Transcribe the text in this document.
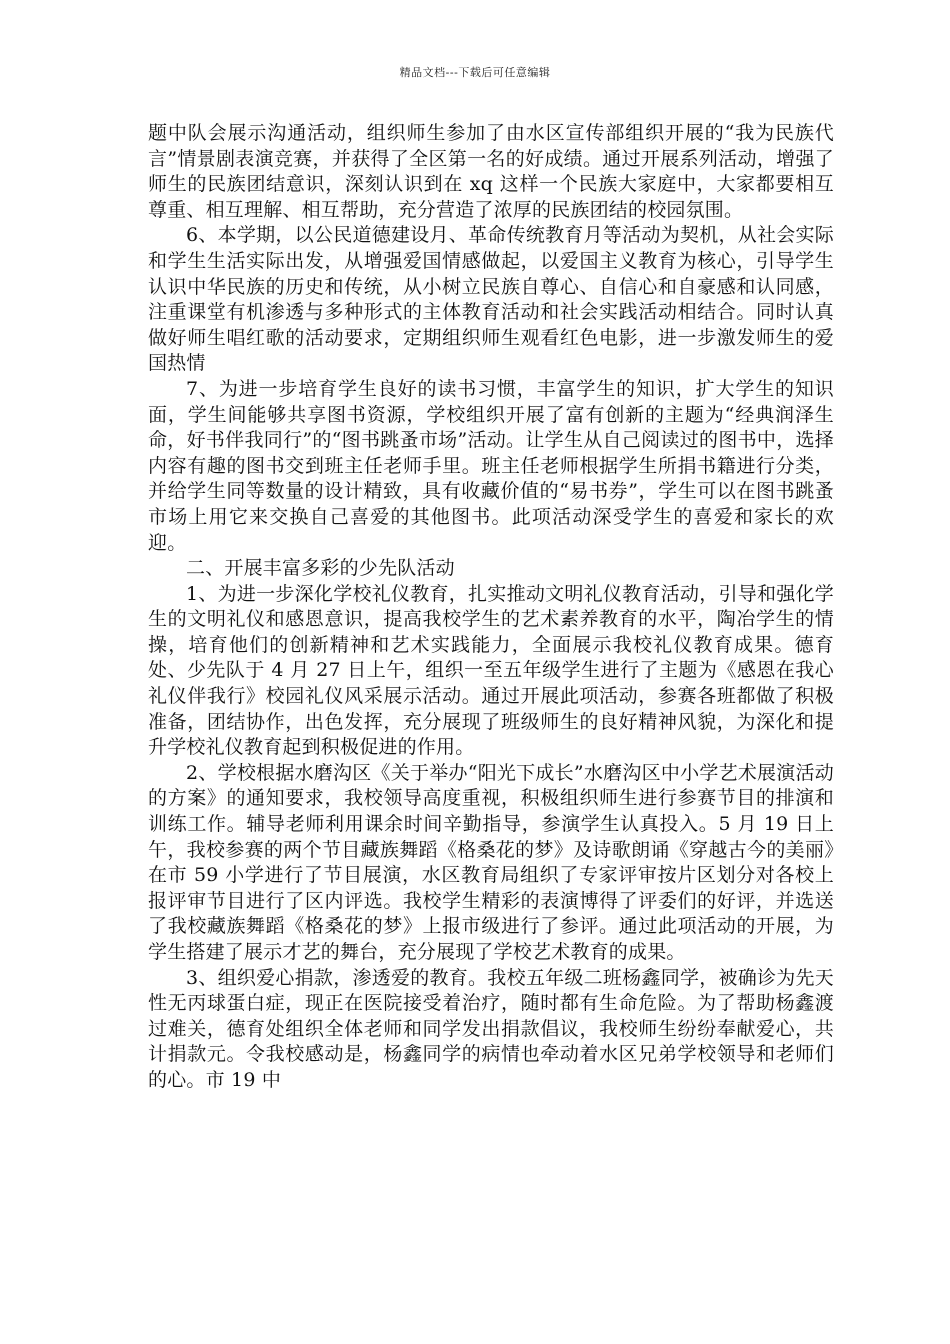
精品文档---下载后可任意编辑

题中队会展示沟通活动，组织师生参加了由水区宣传部组织开展的“我为民族代言”情景剧表演竞赛，并获得了全区第一名的好成绩。通过开展系列活动，增强了师生的民族团结意识，深刻认识到在 xq 这样一个民族大家庭中，大家都要相互尊重、相互理解、相互帮助，充分营造了浓厚的民族团结的校园氛围。

6、本学期，以公民道德建设月、革命传统教育月等活动为契机，从社会实际和学生生活实际出发，从增强爱国情感做起，以爱国主义教育为核心，引导学生认识中华民族的历史和传统，从小树立民族自尊心、自信心和自豪感和认同感，注重课堂有机渗透与多种形式的主体教育活动和社会实践活动相结合。同时认真做好师生唱红歌的活动要求，定期组织师生观看红色电影，进一步激发师生的爱国热情

7、为进一步培育学生良好的读书习惯，丰富学生的知识，扩大学生的知识面，学生间能够共享图书资源，学校组织开展了富有创新的主题为“经典润泽生命，好书伴我同行”的“图书跳蚤市场”活动。让学生从自己阅读过的图书中，选择内容有趣的图书交到班主任老师手里。班主任老师根据学生所捐书籍进行分类，并给学生同等数量的设计精致，具有收藏价值的“易书券”，学生可以在图书跳蚤市场上用它来交换自己喜爱的其他图书。此项活动深受学生的喜爱和家长的欢迎。

二、开展丰富多彩的少先队活动

1、为进一步深化学校礼仪教育，扎实推动文明礼仪教育活动，引导和强化学生的文明礼仪和感恩意识，提高我校学生的艺术素养教育的水平，陶冶学生的情操，培育他们的创新精神和艺术实践能力，全面展示我校礼仪教育成果。德育处、少先队于 4 月 27 日上午，组织一至五年级学生进行了主题为《感恩在我心 礼仪伴我行》校园礼仪风采展示活动。通过开展此项活动，参赛各班都做了积极准备，团结协作，出色发挥，充分展现了班级师生的良好精神风貌，为深化和提升学校礼仪教育起到积极促进的作用。

2、学校根据水磨沟区《关于举办“阳光下成长”水磨沟区中小学艺术展演活动的方案》的通知要求，我校领导高度重视，积极组织师生进行参赛节目的排演和训练工作。辅导老师利用课余时间辛勤指导，参演学生认真投入。5 月 19 日上午，我校参赛的两个节目藏族舞蹈《格桑花的梦》及诗歌朗诵《穿越古今的美丽》在市 59 小学进行了节目展演，水区教育局组织了专家评审按片区划分对各校上报评审节目进行了区内评选。我校学生精彩的表演博得了评委们的好评，并选送了我校藏族舞蹈《格桑花的梦》上报市级进行了参评。通过此项活动的开展，为学生搭建了展示才艺的舞台，充分展现了学校艺术教育的成果。

3、组织爱心捐款，渗透爱的教育。我校五年级二班杨鑫同学，被确诊为先天性无丙球蛋白症，现正在医院接受着治疗，随时都有生命危险。为了帮助杨鑫渡过难关，德育处组织全体老师和同学发出捐款倡议，我校师生纷纷奉献爱心，共计捐款元。令我校感动是，杨鑫同学的病情也牵动着水区兄弟学校领导和老师们的心。市 19 中
